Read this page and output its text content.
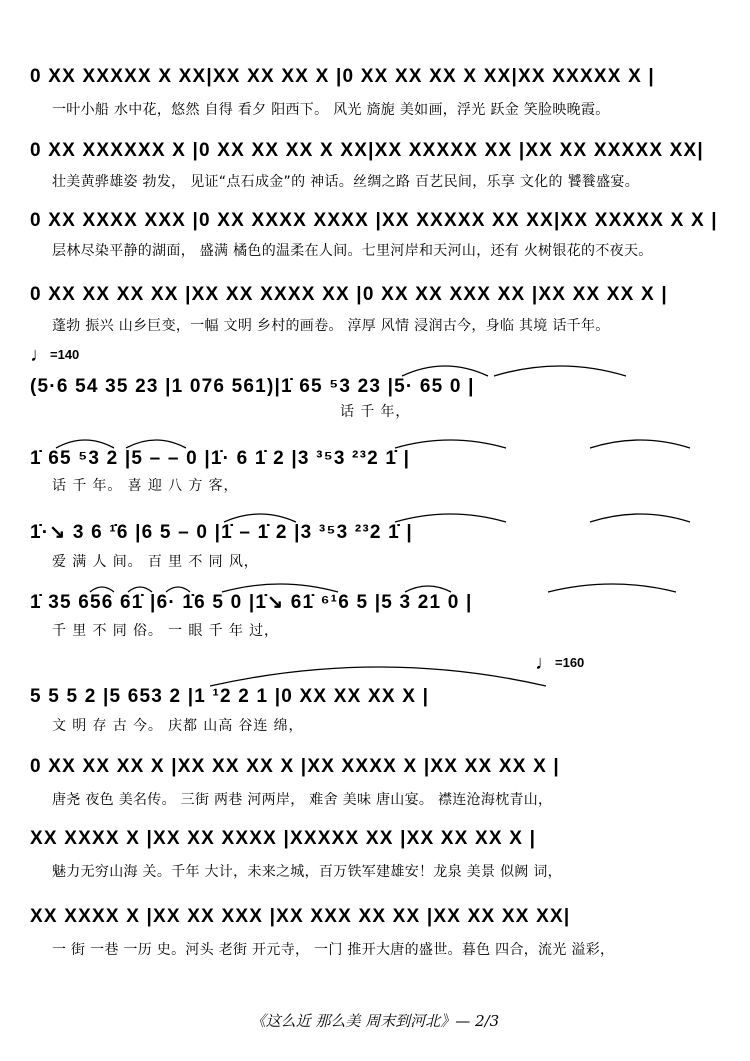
0 XX XXXXX X XX|XX XX XX X |0 XX XX XX X XX|XX XXXXX X |
一叶小船 水中花，悠然 自得 看夕 阳西下。 风光 旖旎 美如画，浮光 跃金 笑脸映晚霞。
0 XX XXXXXX X |0 XX XX XX X XX|XX XXXXX XX |XX XX XXXXX XX|
壮美黄骅雄姿 勃发， 见证“点石成金”的 神话。丝绸之路 百艺民间，乐享 文化的 饕餮盛宴。
0 XX XXXX XXX |0 XX XXXX XXXX |XX XXXXX XX XX|XX XXXXX X X |
层林尽染平静的湖面， 盛满 橘色的温柔在人间。七里河岸和天河山，还有 火树银花的不夜天。
0 XX XX XX XX |XX XX XXXX XX |0 XX XX XXX XX |XX XX XX X |
蓬勃 振兴 山乡巨变，一幅 文明 乡村的画卷。 淳厚 风情 浸润古今，身临 其境 话千年。
♩=140
(5·6 54 35 23 |1 076 561)|1̇ 65 ⁵3 23 |5· 65 0 |
话 千 年，
1̇ 65 ⁵3 2 |5 – – 0 |1̇· 6 1̇ 2 |3 ³⁵3 ²³2 1̇ |
话 千 年。 喜 迎 八 方 客，
1̇·↘ 3 6 ¹̇6 |6 5 – 0 |1̇ – 1̇ 2 |3 ³⁵3 ²³2 1̇ |
爱 满 人 间。 百 里 不 同 风，
1̇ 35 656 61̇ |6· 1̇6 5 0 |1̇↘ 61̇ ⁶¹6 5 |5 3 21 0 |
千 里 不 同 俗。 一 眼 千 年 过，
♩=160
5 5 5 2 |5 653 2 |1 ¹2 2 1 |0 XX XX XX X |
文 明 存 古 今。 庆都 山高 谷连 绵，
0 XX XX XX X |XX XX XX X |XX XXXX X |XX XX XX X |
唐尧 夜色 美名传。 三街 两巷 河两岸， 难舍 美味 唐山宴。 襟连沧海枕青山，
XX XXXX X |XX XX XXXX |XXXXX XX |XX XX XX X |
魅力无穷山海 关。千年 大计，未来之城，百万铁军建雄安！龙泉 美景 似阙 词，
XX XXXX X |XX XX XXX |XX XXX XX XX |XX XX XX XX|
一 街 一巷 一历 史。河头 老街 开元寺， 一门 推开大唐的盛世。暮色 四合，流光 溢彩，
《这么近 那么美 周末到河北》— 2/3
